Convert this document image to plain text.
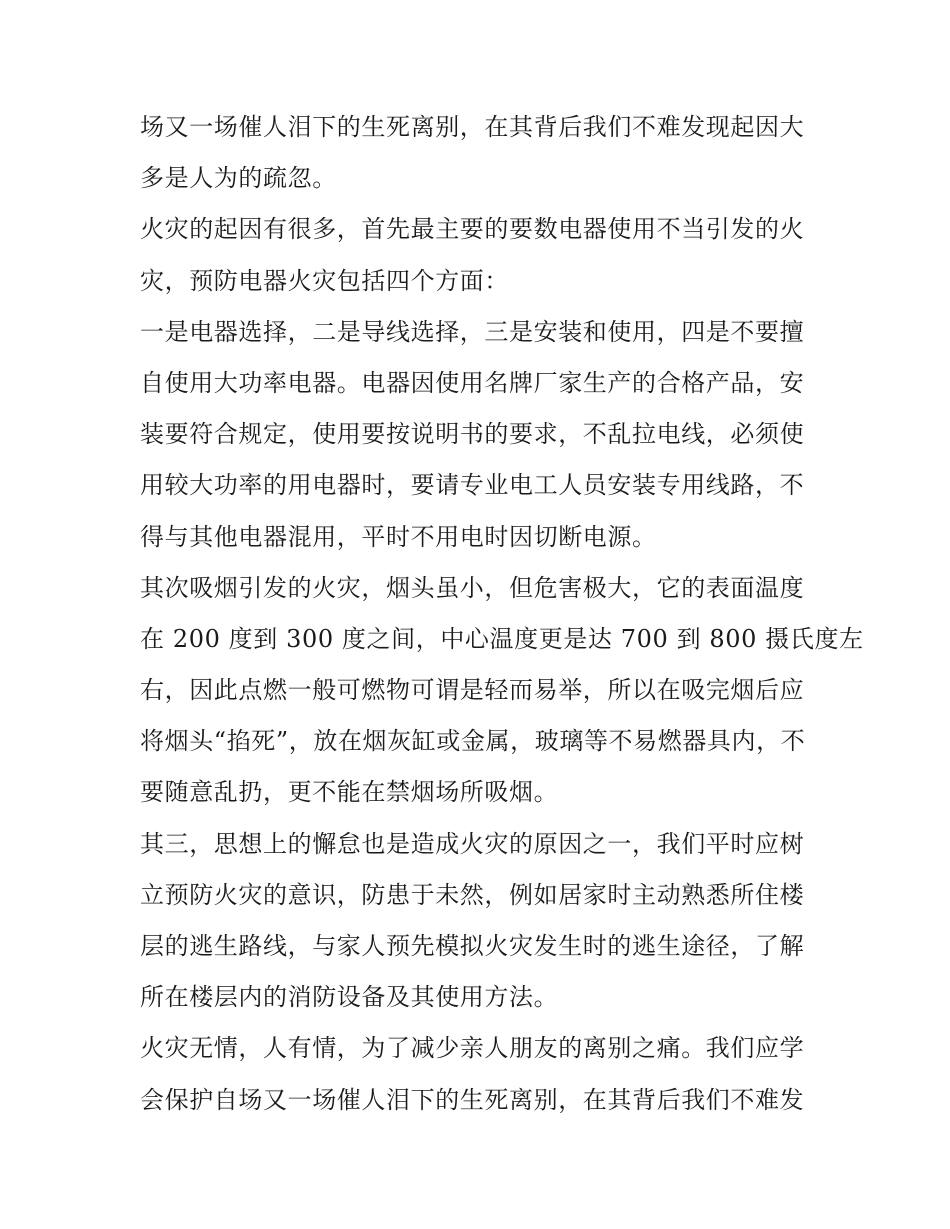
场又一场催人泪下的生死离别，在其背后我们不难发现起因大
多是人为的疏忽。
火灾的起因有很多，首先最主要的要数电器使用不当引发的火
灾，预防电器火灾包括四个方面：
一是电器选择，二是导线选择，三是安装和使用，四是不要擅
自使用大功率电器。电器因使用名牌厂家生产的合格产品，安
装要符合规定，使用要按说明书的要求，不乱拉电线，必须使
用较大功率的用电器时，要请专业电工人员安装专用线路，不
得与其他电器混用，平时不用电时因切断电源。
其次吸烟引发的火灾，烟头虽小，但危害极大，它的表面温度
在 200 度到 300 度之间，中心温度更是达 700 到 800 摄氏度左
右，因此点燃一般可燃物可谓是轻而易举，所以在吸完烟后应
将烟头“掐死”，放在烟灰缸或金属，玻璃等不易燃器具内，不
要随意乱扔，更不能在禁烟场所吸烟。
其三，思想上的懈怠也是造成火灾的原因之一，我们平时应树
立预防火灾的意识，防患于未然，例如居家时主动熟悉所住楼
层的逃生路线，与家人预先模拟火灾发生时的逃生途径，了解
所在楼层内的消防设备及其使用方法。
火灾无情，人有情，为了减少亲人朋友的离别之痛。我们应学
会保护自场又一场催人泪下的生死离别，在其背后我们不难发
